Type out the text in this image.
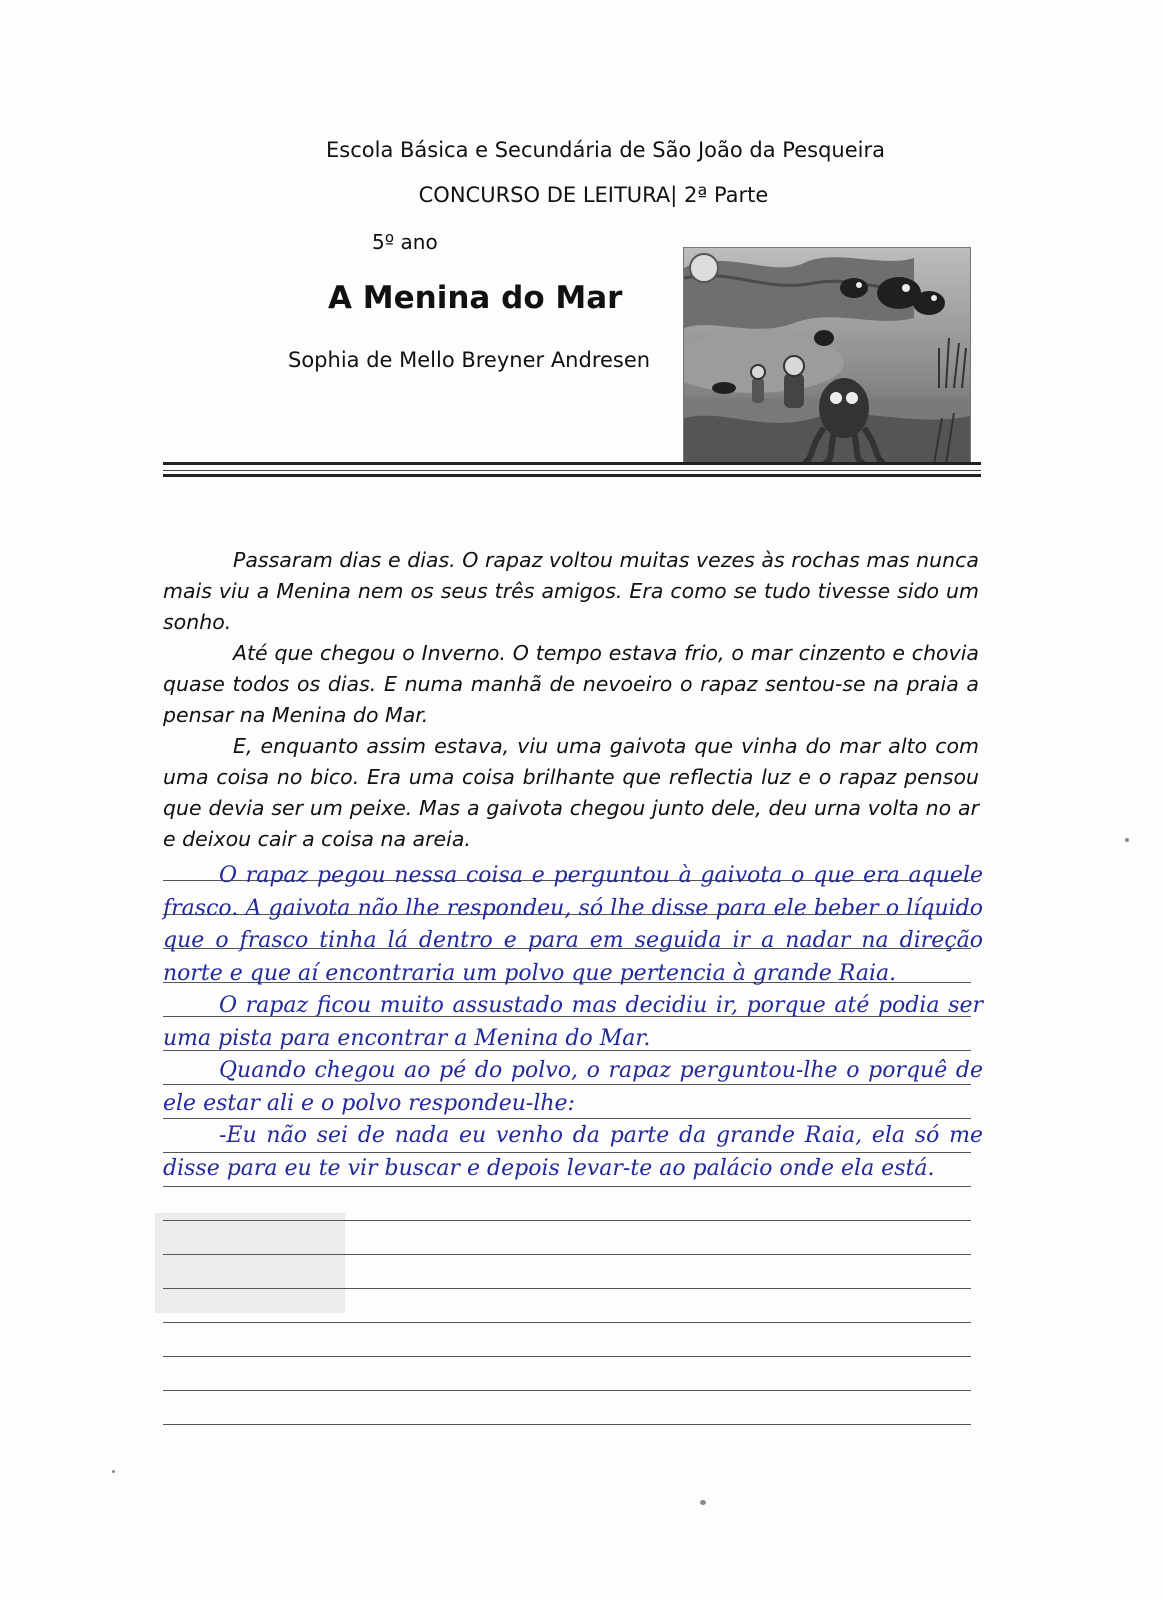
Escola Básica e Secundária de São João da Pesqueira
CONCURSO DE LEITURA| 2ª Parte
5º ano
A Menina do Mar
Sophia de Mello Breyner Andresen

Passaram dias e dias. O rapaz voltou muitas vezes às rochas mas nunca mais viu a Menina nem os seus três amigos. Era como se tudo tivesse sido um sonho.

Até que chegou o Inverno. O tempo estava frio, o mar cinzento e chovia quase todos os dias. E numa manhã de nevoeiro o rapaz sentou-se na praia a pensar na Menina do Mar.

E, enquanto assim estava, viu uma gaivota que vinha do mar alto com uma coisa no bico. Era uma coisa brilhante que reflectia luz e o rapaz pensou que devia ser um peixe. Mas a gaivota chegou junto dele, deu urna volta no ar e deixou cair a coisa na areia.

O rapaz pegou nessa coisa e perguntou à gaivota o que era aquele frasco. A gaivota não lhe respondeu, só lhe disse para ele beber o líquido que o frasco tinha lá dentro e para em seguida ir a nadar na direção norte e que aí encontraria um polvo que pertencia à grande Raia.

O rapaz ficou muito assustado mas decidiu ir, porque até podia ser uma pista para encontrar a Menina do Mar.

Quando chegou ao pé do polvo, o rapaz perguntou-lhe o porquê de ele estar ali e o polvo respondeu-lhe:

-Eu não sei de nada eu venho da parte da grande Raia, ela só me disse para eu te vir buscar e depois levar-te ao palácio onde ela está.
